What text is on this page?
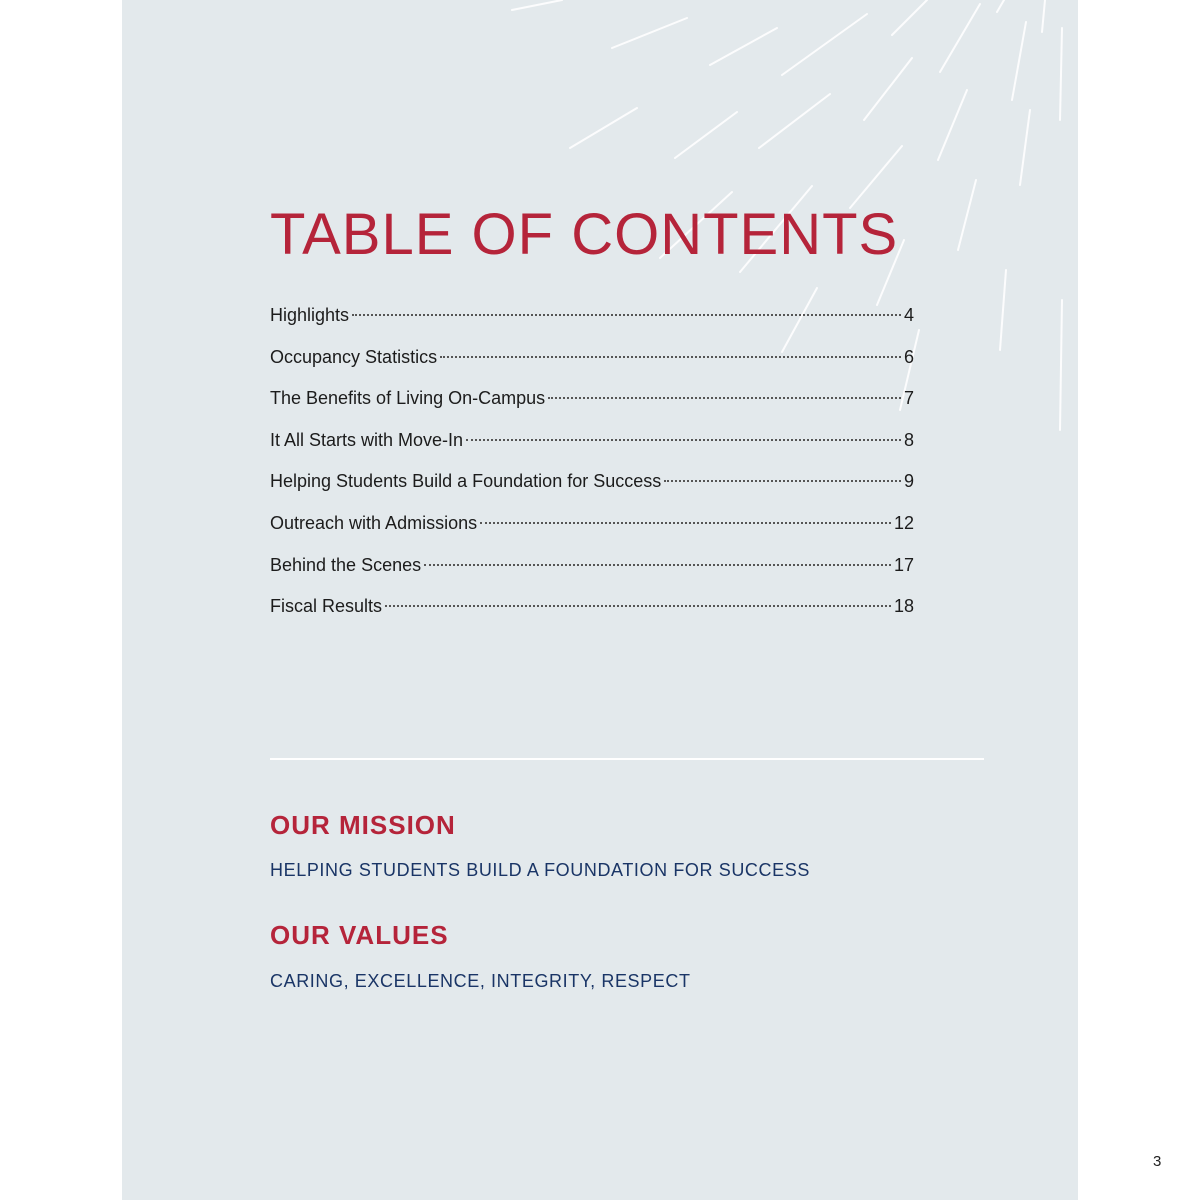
TABLE OF CONTENTS
Highlights	4
Occupancy Statistics	6
The Benefits of Living On-Campus	7
It All Starts with Move-In	8
Helping Students Build a Foundation for Success	9
Outreach with Admissions	12
Behind the Scenes	17
Fiscal Results	18
OUR MISSION

HELPING STUDENTS BUILD A FOUNDATION FOR SUCCESS

OUR VALUES

CARING, EXCELLENCE, INTEGRITY, RESPECT

3
